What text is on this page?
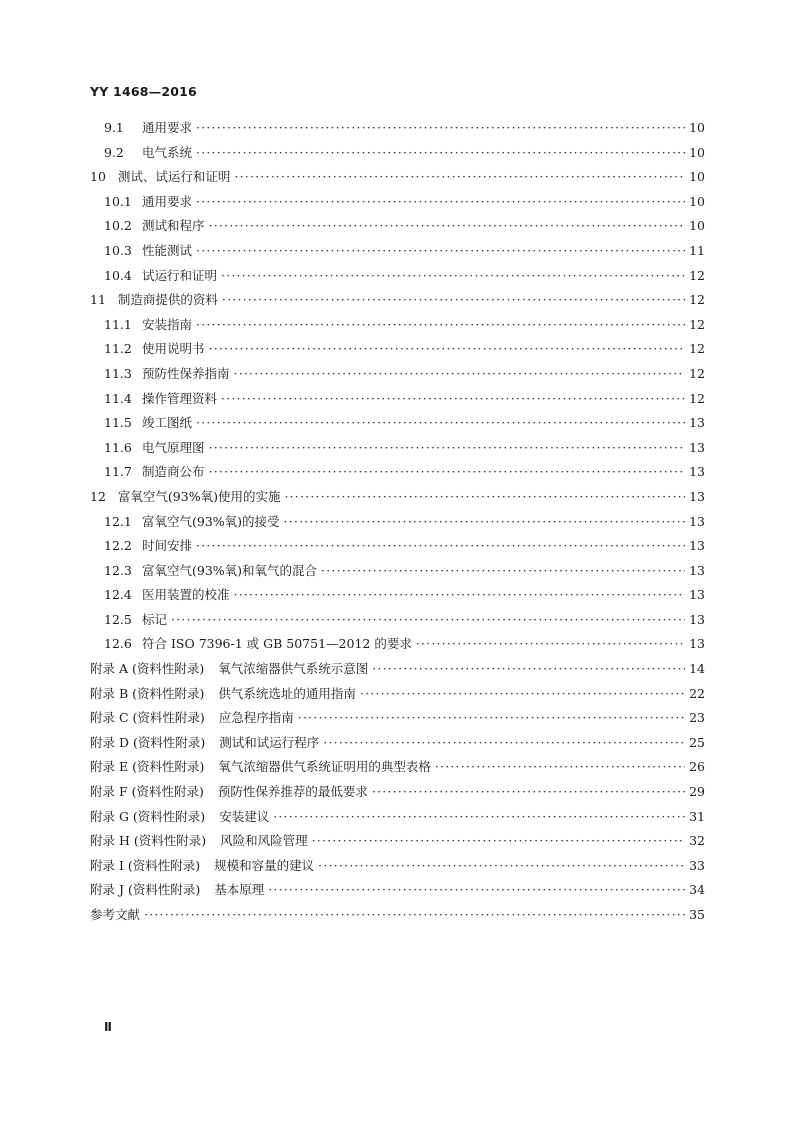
YY 1468—2016
9.1	通用要求 ·····	10
9.2	电气系统 ·····	10
10 测试、试运行和证明 ·····	10
10.1 通用要求 ·····	10
10.2 测试和程序 ·····	10
10.3 性能测试 ·····	11
10.4 试运行和证明 ·····	12
11 制造商提供的资料 ·····	12
11.1 安装指南 ·····	12
11.2 使用说明书 ·····	12
11.3 预防性保养指南 ·····	12
11.4 操作管理资料 ·····	12
11.5 竣工图纸 ·····	13
11.6 电气原理图 ·····	13
11.7 制造商公布 ·····	13
12 富氧空气(93%氧)使用的实施 ·····	13
12.1 富氧空气(93%氧)的接受 ·····	13
12.2 时间安排 ·····	13
12.3 富氧空气(93%氧)和氧气的混合 ·····	13
12.4 医用装置的校准 ·····	13
12.5 标记 ·····	13
12.6 符合 ISO 7396-1 或 GB 50751—2012 的要求 ·····	13
附录 A (资料性附录) 氧气浓缩器供气系统示意图 ·····	14
附录 B (资料性附录) 供气系统选址的通用指南 ·····	22
附录 C (资料性附录) 应急程序指南 ·····	23
附录 D (资料性附录) 测试和试运行程序 ·····	25
附录 E (资料性附录) 氧气浓缩器供气系统证明用的典型表格 ·····	26
附录 F (资料性附录) 预防性保养推荐的最低要求 ·····	29
附录 G (资料性附录) 安装建议 ·····	31
附录 H (资料性附录) 风险和风险管理 ·····	32
附录 I (资料性附录) 规模和容量的建议 ·····	33
附录 J (资料性附录) 基本原理 ·····	34
参考文献 ·····	35
Ⅱ
